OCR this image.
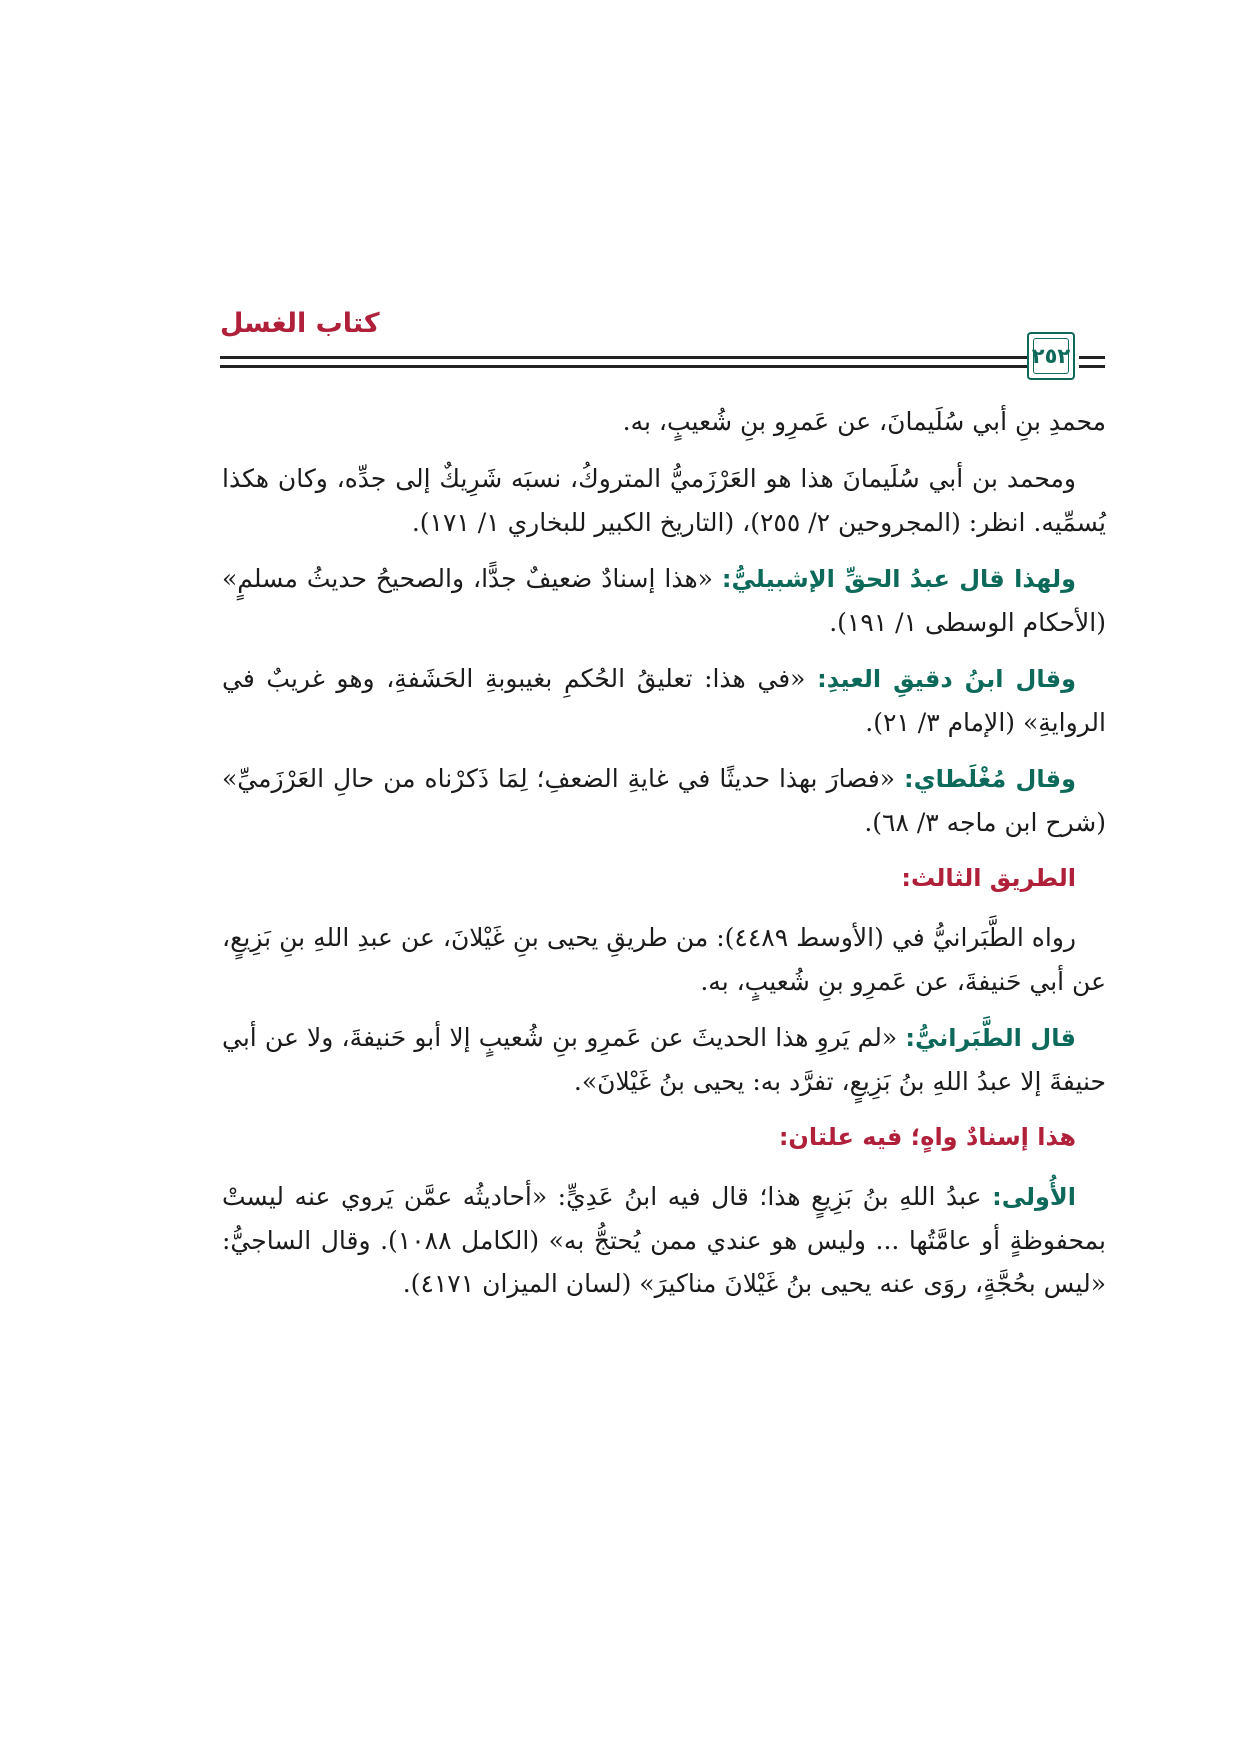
كتاب الغسل
٢٥٢

محمدِ بنِ أبي سُلَيمانَ، عن عَمرِو بنِ شُعيبٍ، به.

ومحمد بن أبي سُلَيمانَ هذا هو العَرْزَميُّ المتروكُ، نسبَه شَرِيكٌ إلى جدِّه، وكان هكذا يُسمِّيه. انظر: (المجروحين ٢/ ٢٥٥)، (التاريخ الكبير للبخاري ١/ ١٧١).

ولهذا قال عبدُ الحقِّ الإشبيليُّ: «هذا إسنادٌ ضعيفٌ جدًّا، والصحيحُ حديثُ مسلمٍ» (الأحكام الوسطى ١/ ١٩١).

وقال ابنُ دقيقِ العيدِ: «في هذا: تعليقُ الحُكمِ بغيبوبةِ الحَشَفةِ، وهو غريبٌ في الروايةِ» (الإمام ٣/ ٢١).

وقال مُغْلَطاي: «فصارَ بهذا حديثًا في غايةِ الضعفِ؛ لِمَا ذَكرْناه من حالِ العَرْزَميِّ» (شرح ابن ماجه ٣/ ٦٨).

الطريق الثالث:

رواه الطَّبَرانيُّ في (الأوسط ٤٤٨٩): من طريقِ يحيى بنِ غَيْلانَ، عن عبدِ اللهِ بنِ بَزِيعٍ، عن أبي حَنيفةَ، عن عَمرِو بنِ شُعيبٍ، به.

قال الطَّبَرانيُّ: «لم يَروِ هذا الحديثَ عن عَمرِو بنِ شُعيبٍ إلا أبو حَنيفةَ، ولا عن أبي حنيفةَ إلا عبدُ اللهِ بنُ بَزِيعٍ، تفرَّد به: يحيى بنُ غَيْلانَ».

هذا إسنادٌ واهٍ؛ فيه علتان:

الأُولى: عبدُ اللهِ بنُ بَزِيعٍ هذا؛ قال فيه ابنُ عَدِيٍّ: «أحاديثُه عمَّن يَروي عنه ليستْ بمحفوظةٍ أو عامَّتُها ... وليس هو عندي ممن يُحتجُّ به» (الكامل ١٠٨٨). وقال الساجيُّ: «ليس بحُجَّةٍ، روَى عنه يحيى بنُ غَيْلانَ مناكيرَ» (لسان الميزان ٤١٧١).
